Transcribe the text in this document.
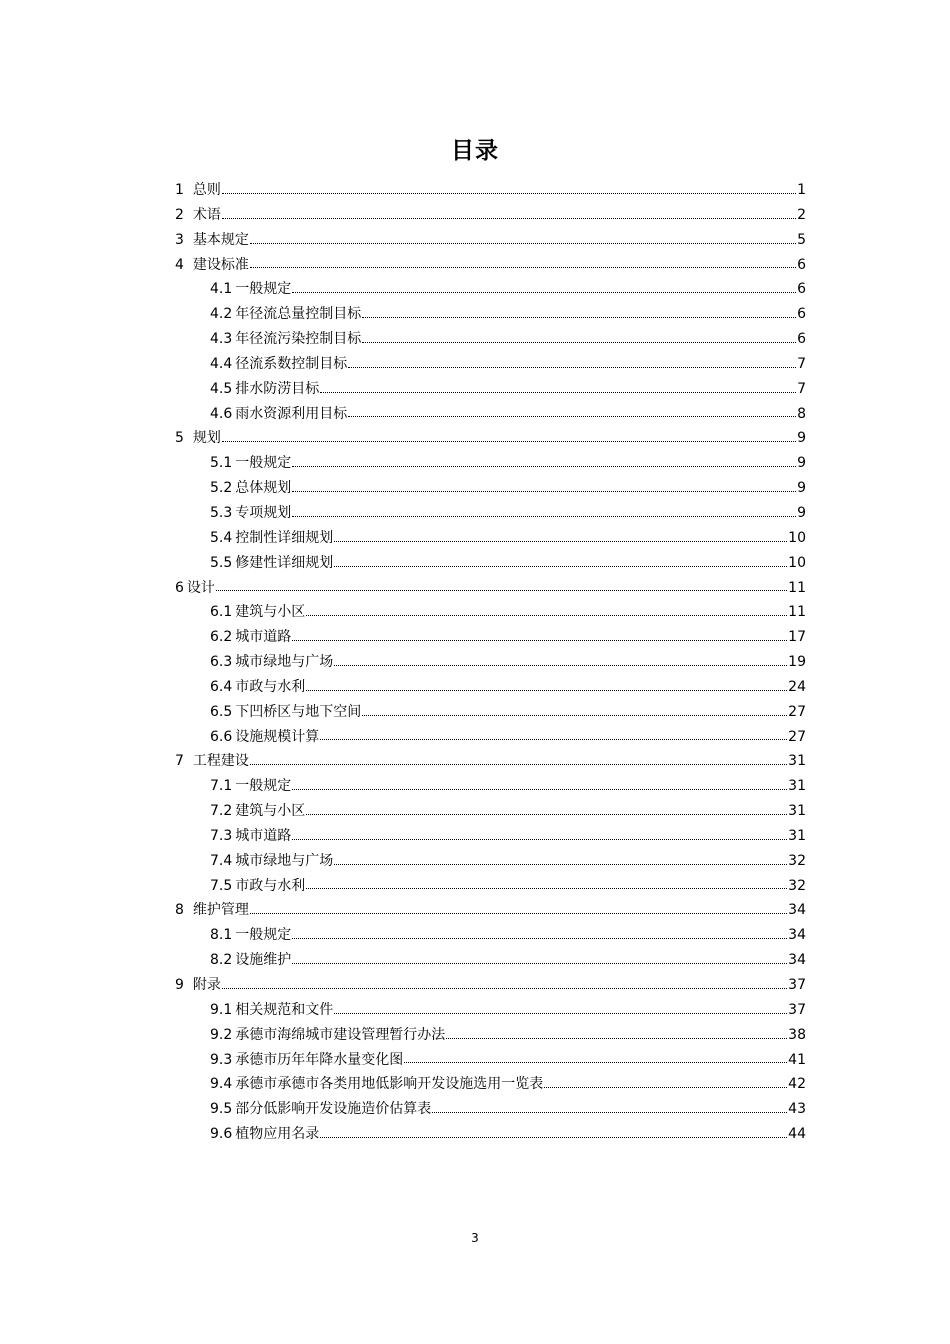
目录
1 总则	1
2 术语	2
3 基本规定	5
4 建设标准	6
4.1 一般规定	6
4.2 年径流总量控制目标	6
4.3 年径流污染控制目标	6
4.4 径流系数控制目标	7
4.5 排水防涝目标	7
4.6 雨水资源利用目标	8
5 规划	9
5.1 一般规定	9
5.2 总体规划	9
5.3 专项规划	9
5.4 控制性详细规划	10
5.5 修建性详细规划	10
6 设计	11
6.1 建筑与小区	11
6.2 城市道路	17
6.3 城市绿地与广场	19
6.4 市政与水利	24
6.5 下凹桥区与地下空间	27
6.6 设施规模计算	27
7 工程建设	31
7.1 一般规定	31
7.2 建筑与小区	31
7.3 城市道路	31
7.4 城市绿地与广场	32
7.5 市政与水利	32
8 维护管理	34
8.1 一般规定	34
8.2 设施维护	34
9 附录	37
9.1 相关规范和文件	37
9.2 承德市海绵城市建设管理暂行办法	38
9.3 承德市历年年降水量变化图	41
9.4 承德市承德市各类用地低影响开发设施选用一览表	42
9.5 部分低影响开发设施造价估算表	43
9.6 植物应用名录	44
3
